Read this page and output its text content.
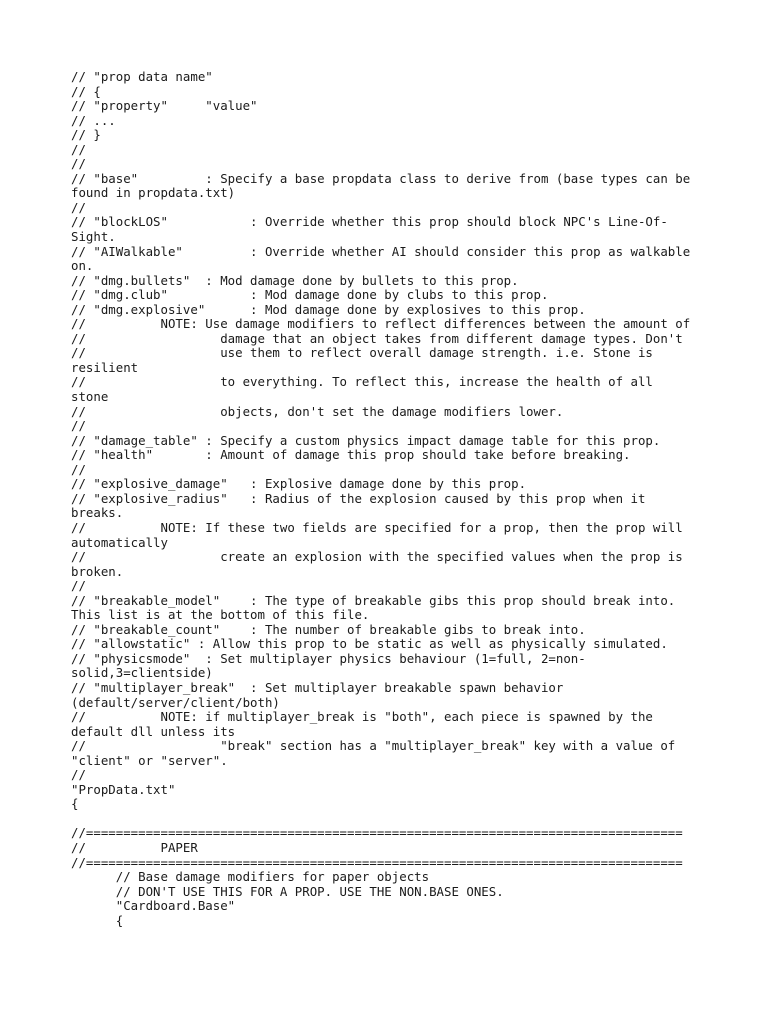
// "prop data name"
// {
// "property"     "value"
// ...
// }
//
//
// "base"         : Specify a base propdata class to derive from (base types can be
found in propdata.txt)
//
// "blockLOS"           : Override whether this prop should block NPC's Line-Of-
Sight.
// "AIWalkable"         : Override whether AI should consider this prop as walkable
on.
// "dmg.bullets"  : Mod damage done by bullets to this prop.
// "dmg.club"           : Mod damage done by clubs to this prop.
// "dmg.explosive"      : Mod damage done by explosives to this prop.
//          NOTE: Use damage modifiers to reflect differences between the amount of
//                  damage that an object takes from different damage types. Don't
//                  use them to reflect overall damage strength. i.e. Stone is
resilient
//                  to everything. To reflect this, increase the health of all
stone
//                  objects, don't set the damage modifiers lower.
//
// "damage_table" : Specify a custom physics impact damage table for this prop.
// "health"       : Amount of damage this prop should take before breaking.
//
// "explosive_damage"   : Explosive damage done by this prop.
// "explosive_radius"   : Radius of the explosion caused by this prop when it
breaks.
//          NOTE: If these two fields are specified for a prop, then the prop will
automatically
//                  create an explosion with the specified values when the prop is
broken.
//
// "breakable_model"    : The type of breakable gibs this prop should break into.
This list is at the bottom of this file.
// "breakable_count"    : The number of breakable gibs to break into.
// "allowstatic" : Allow this prop to be static as well as physically simulated.
// "physicsmode"  : Set multiplayer physics behaviour (1=full, 2=non-
solid,3=clientside)
// "multiplayer_break"  : Set multiplayer breakable spawn behavior
(default/server/client/both)
//          NOTE: if multiplayer_break is "both", each piece is spawned by the
default dll unless its
//                  "break" section has a "multiplayer_break" key with a value of
"client" or "server".
//
"PropData.txt"
{
//================================================================================
//          PAPER
//================================================================================
// Base damage modifiers for paper objects
// DON'T USE THIS FOR A PROP. USE THE NON.BASE ONES.
"Cardboard.Base"
{
